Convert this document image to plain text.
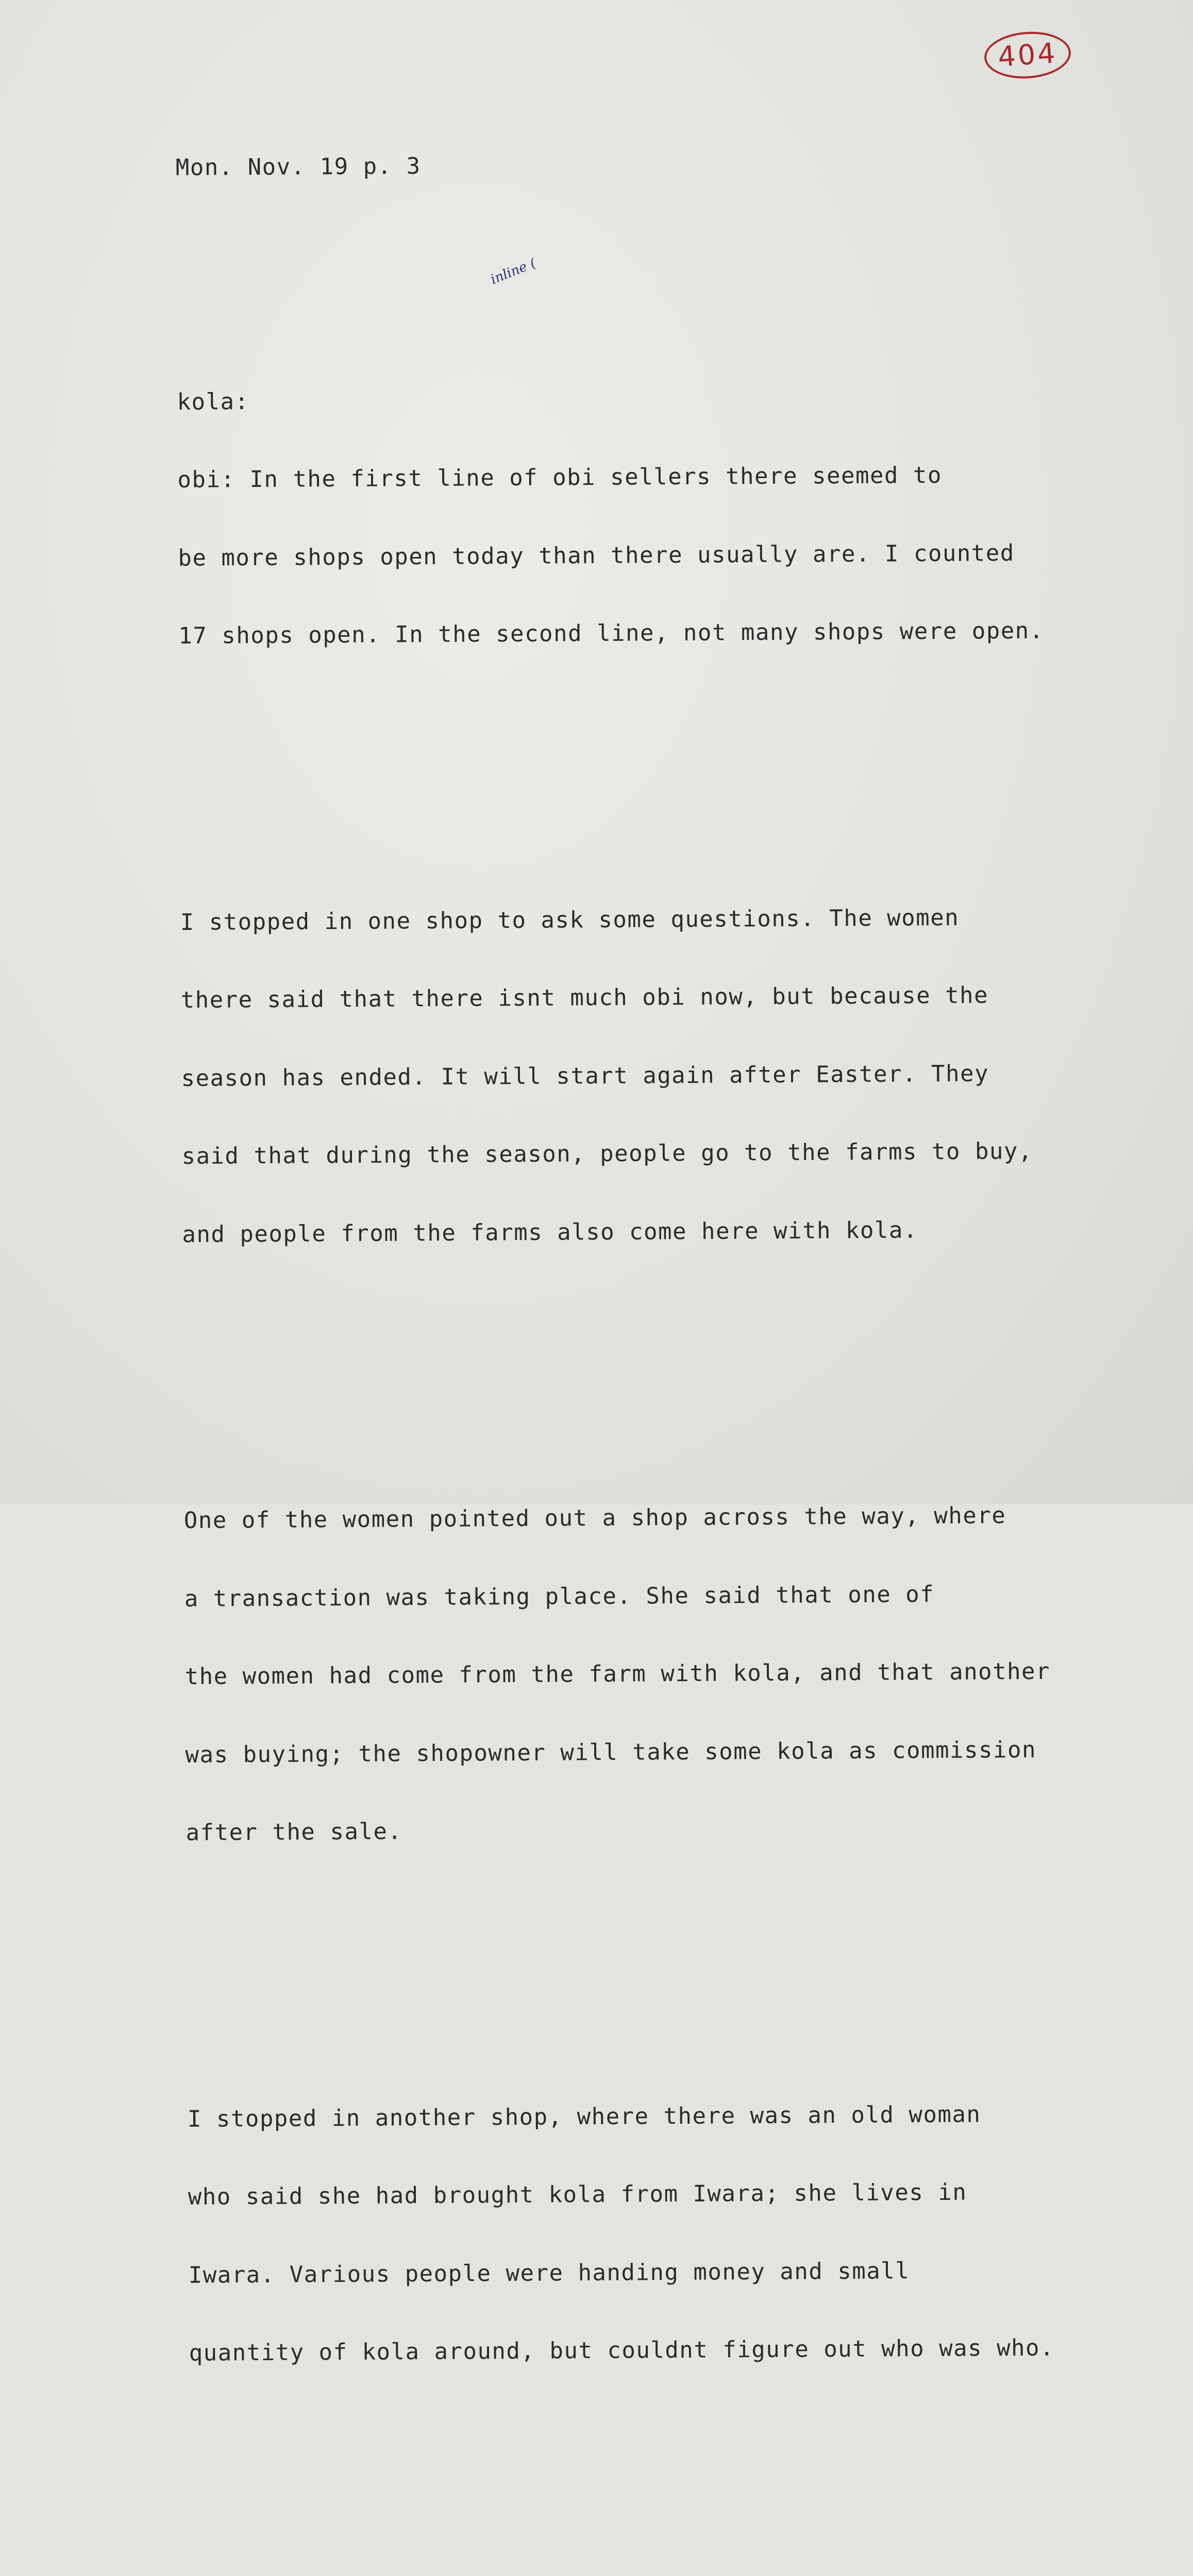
404
inline (

Mon. Nov. 19 p. 3

kola:

obi: In the first line of obi sellers there seemed to

be more shops open today than there usually are. I counted

17 shops open. In the second line, not many shops were open.

I stopped in one shop to ask some questions. The women

there said that there isnt much obi now, but because the

season has ended. It will start again after Easter. They

said that during the season, people go to the farms to buy,

and people from the farms also come here with kola.

One of the women pointed out a shop across the way, where

a transaction was taking place. She said that one of

the women had come from the farm with kola, and that another

was buying; the shopowner will take some kola as commission

after the sale.

I stopped in another shop, where there was an old woman

who said she had brought kola from Iwara; she lives in

Iwara. Various people were handing money and small

quantity of kola around, but couldnt figure out who was who.
